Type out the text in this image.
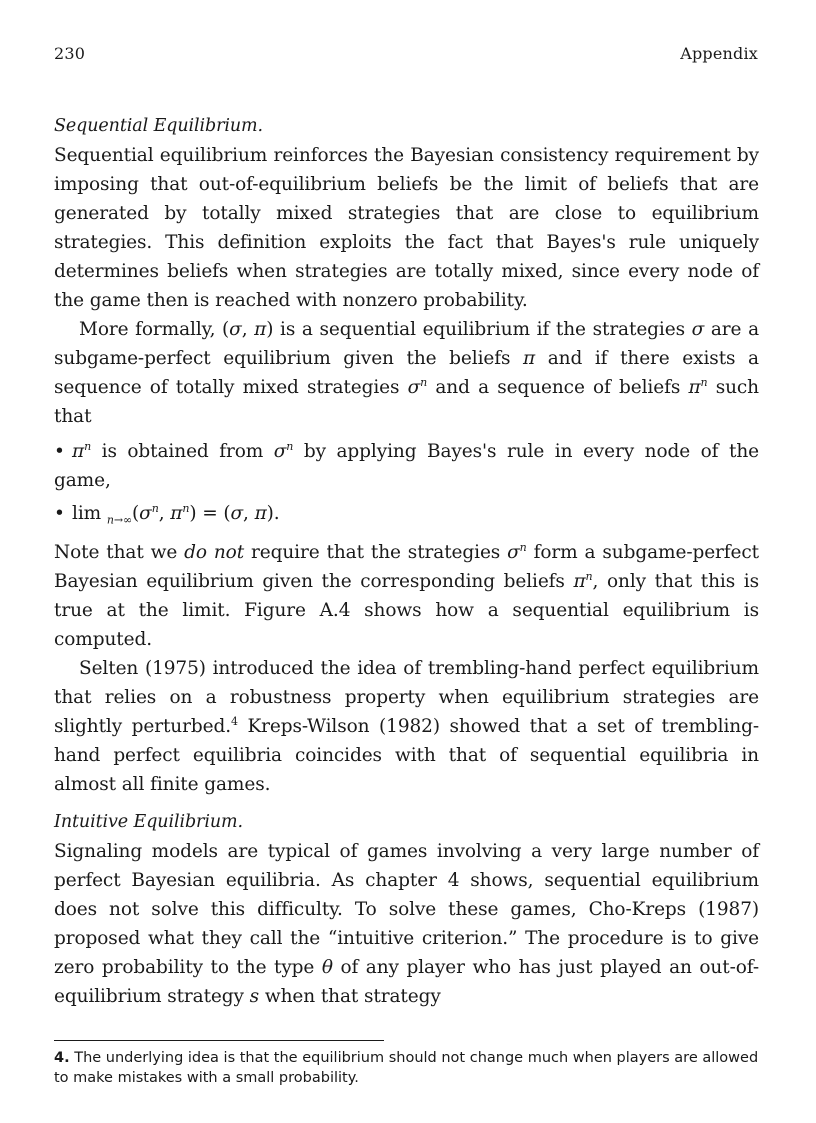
230	Appendix

Sequential Equilibrium.

Sequential equilibrium reinforces the Bayesian consistency requirement by imposing that out-of-equilibrium beliefs be the limit of beliefs that are generated by totally mixed strategies that are close to equilibrium strategies. This definition exploits the fact that Bayes's rule uniquely determines beliefs when strategies are totally mixed, since every node of the game then is reached with nonzero probability.

More formally, (σ, π) is a sequential equilibrium if the strategies σ are a subgame-perfect equilibrium given the beliefs π and if there exists a sequence of totally mixed strategies $\sigma^n$ and a sequence of beliefs $\pi^n$ such that

• $\pi^n$ is obtained from $\sigma^n$ by applying Bayes's rule in every node of the game,

• $\lim _{n\to\infty}(\sigma^n$, $\pi^n) = (\sigma$, π).

Note that we do not require that the strategies $\sigma^n$ form a subgame-perfect Bayesian equilibrium given the corresponding beliefs $\pi^n$, only that this is true at the limit. Figure A.4 shows how a sequential equilibrium is computed.

Selten (1975) introduced the idea of trembling-hand perfect equilibrium that relies on a robustness property when equilibrium strategies are slightly perturbed.$^4$ Kreps-Wilson (1982) showed that a set of trembling-hand perfect equilibria coincides with that of sequential equilibria in almost all finite games.

Intuitive Equilibrium.

Signaling models are typical of games involving a very large number of perfect Bayesian equilibria. As chapter 4 shows, sequential equilibrium does not solve this difficulty. To solve these games, Cho-Kreps (1987) proposed what they call the “intuitive criterion.” The procedure is to give zero probability to the type θ of any player who has just played an out-of-equilibrium strategy s when that strategy

4. The underlying idea is that the equilibrium should not change much when players are allowed to make mistakes with a small probability.
